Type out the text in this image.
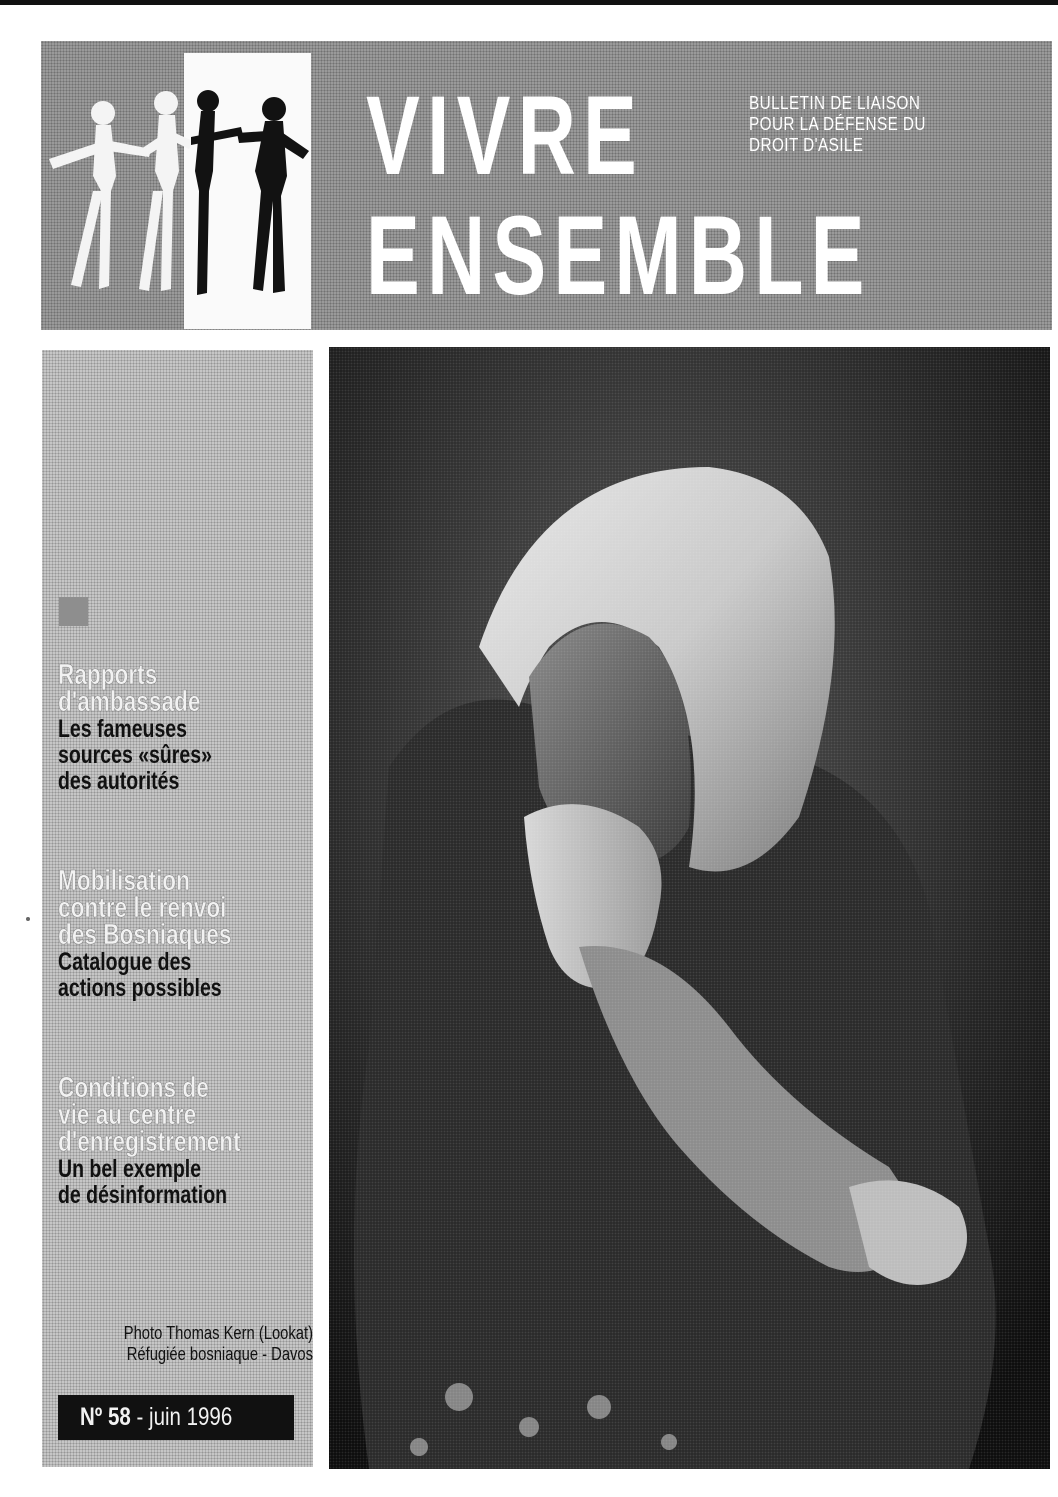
VIVRE
ENSEMBLE
BULLETIN DE LIAISON
POUR LA DÉFENSE DU
DROIT D'ASILE
Rapports
d'ambassade
Les fameuses
sources «sûres»
des autorités
Mobilisation
contre le renvoi
des Bosniaques
Catalogue des
actions possibles
Conditions de
vie au centre
d'enregistrement
Un bel exemple
de désinformation
Photo Thomas Kern (Lookat)
Réfugiée bosniaque - Davos
Nº 58 - juin 1996
